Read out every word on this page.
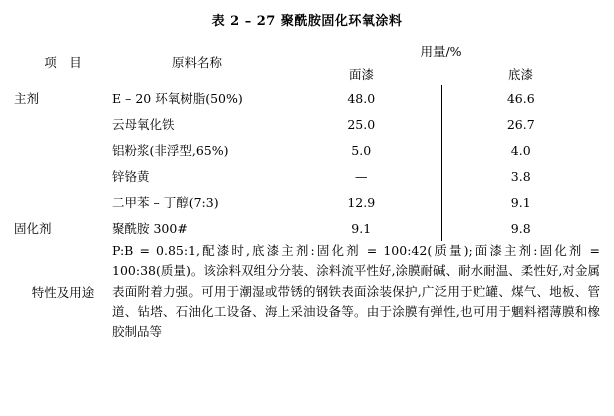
表 2 – 27 聚酰胺固化环氧涂料
项　目	原料名称	用量/%	
		面漆	底漆
主剂	E – 20 环氧树脂(50%)	48.0	46.6
	云母氧化铁	25.0	26.7
	铝粉浆(非浮型,65%)	5.0	4.0
	锌铬黄	—	3.8
	二甲苯 – 丁醇(7:3)	12.9	9.1
固化剂	聚酰胺 300#	9.1	9.8
特性及用途	P:B = 0.85:1,配漆时,底漆主剂:固化剂 = 100:42(质量);面漆主剂:固化剂 = 100:38(质量)。该涂料双组分分装、涂料流平性好,涂膜耐碱、耐水耐温、柔性好,对金属表面附着力强。可用于潮湿或带锈的钢铁表面涂装保护,广泛用于贮罐、煤气、地板、管道、钻塔、石油化工设备、海上采油设备等。由于涂膜有弹性,也可用于魍料褶薄膜和橡胶制品等		
